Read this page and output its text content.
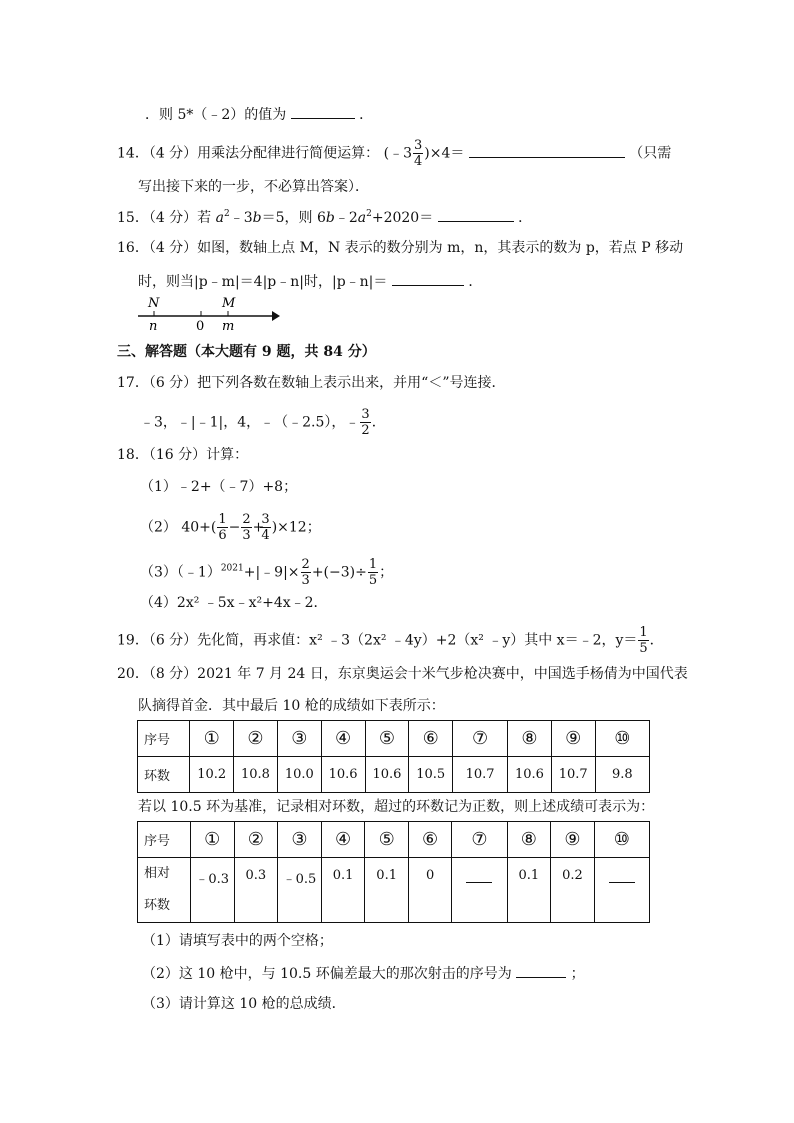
．则 5*（﹣2）的值为	．
14．（4 分）用乘法分配律进行简便运算： (﹣3 $\frac{3}{4} )\times 4=$	（只需
写出接下来的一步，不必算出答案）．
15．（4 分）若 $a^2﹣3b=5$，则 $6b﹣2a^2+2020=$	．
16．（4 分）如图，数轴上点 M，N 表示的数分别为 m，n，其表示的数为 p，若点 P 移动
时，则当|p﹣m|＝4|p﹣n|时，|p﹣n|＝	．
N
n	0
M
m
三、解答题（本大题有 9 题，共 84 分）
17．（6 分）把下列各数在数轴上表示出来，并用“＜”号连接．
﹣3，﹣|﹣1|，4，﹣（﹣2.5），﹣ $\frac{3}{2}$ ．
18．（16 分）计算：
（1）﹣2+（﹣7）+8；
（2） $40+( \frac{1}{6} - \frac{2}{3}$ +
$\frac{3}{4} )\times 12$；
（3）（﹣1）$^{2021}$+|﹣9|× $\frac{2}{3} +(-3)\div \frac{1}{5}$ ；
（4）2x² ﹣5x﹣x²+4x﹣2．
19．（6 分）先化简，再求值：x² ﹣3（2x² ﹣4y）+2（x² ﹣y）其中 x＝﹣2，$y= \frac{1}{5}$ ．
20．（8 分）2021 年 7 月 24 日，东京奥运会十米气步枪决赛中，中国选手杨倩为中国代表
队摘得首金．其中最后 10 枪的成绩如下表所示：
序号	①	②	③	④	⑤	⑥	⑦	⑧	⑨	⑩
环数	10.2	10.8	10.0	10.6	10.6	10.5	10.7	10.6	10.7	9.8
若以 10.5 环为基准，记录相对环数，超过的环数记为正数，则上述成绩可表示为：
序号	①	②	③	④	⑤	⑥	⑦	⑧	⑨	⑩
相对
环数	﹣0.3	0.3	﹣0.5	0.1	0.1	0		0.1	0.2	
（1）请填写表中的两个空格；
（2）这 10 枪中，与 10.5 环偏差最大的那次射击的序号为	；
（3）请计算这 10 枪的总成绩．
